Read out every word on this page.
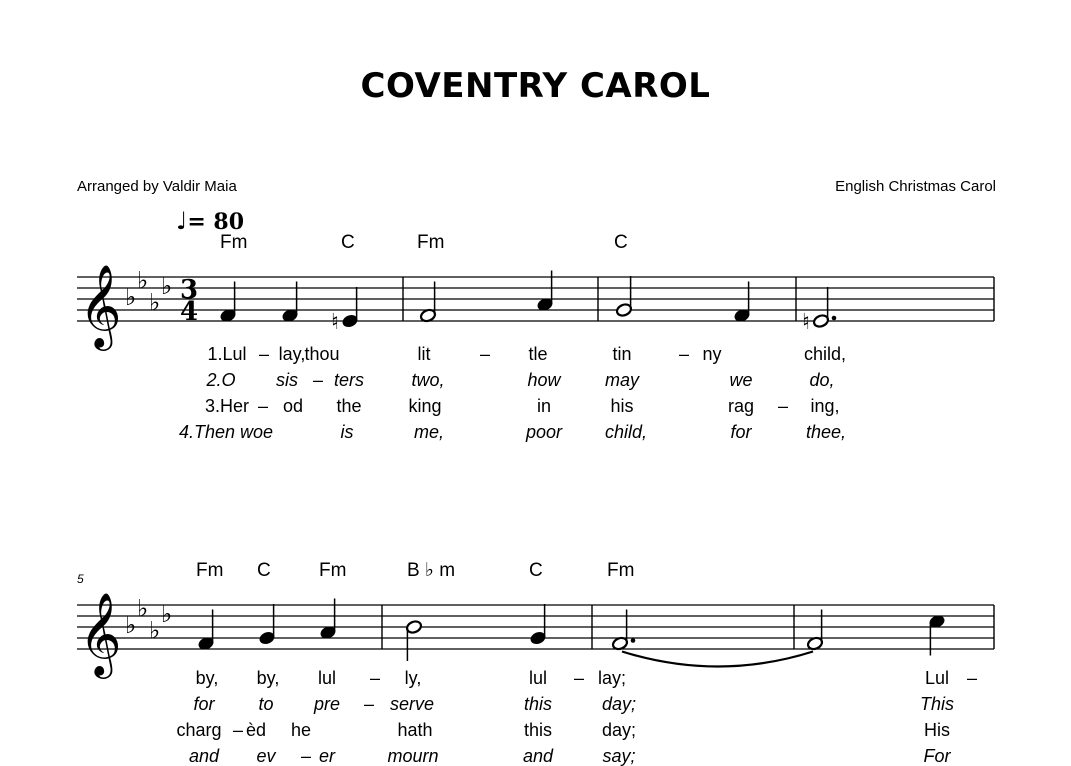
𝄞 ♭
♭
♭
♭ 3
4	♮	♮
𝄞 ♭
♭
♭
♭
COVENTRY CAROL
Arranged by Valdir Maia	English Christmas Carol
♩= 80
5
Fm	C	Fm	C
Fm C	Fm	B ♭ m	C	Fm
1.Lul – lay, thou	lit	– tle	tin	– ny	child,
2.O sis – ters	two,	how may	we	do,
3.Her – od the	king	in	his	rag – ing,
4.Then woe	is	me,	poor child,	for	thee,
by, by, lul – ly,	lul – lay;	Lul –
for to pre – serve	this	day;	This
charg – èd he	hath	this	day;	His
and ev – er	mourn	and	say;	For
